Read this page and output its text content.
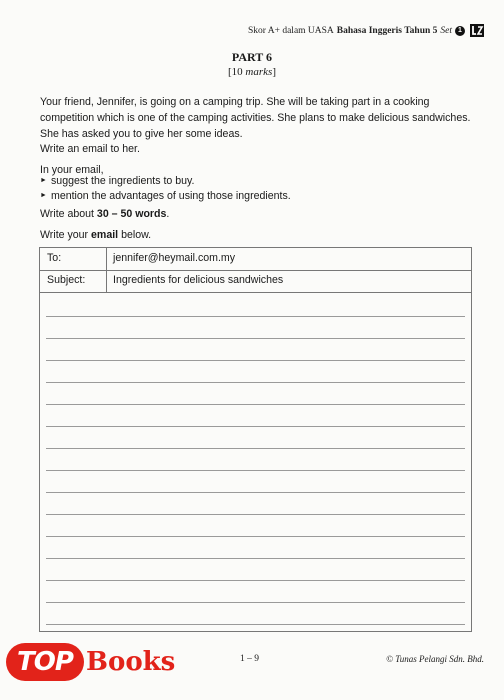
Skor A+ dalam UASA Bahasa Inggeris Tahun 5 Set 1
PART 6
[10 marks]
Your friend, Jennifer, is going on a camping trip. She will be taking part in a cooking competition which is one of the camping activities. She plans to make delicious sandwiches. She has asked you to give her some ideas.
Write an email to her.
In your email,
► suggest the ingredients to buy.
► mention the advantages of using those ingredients.
Write about 30 – 50 words.
Write your email below.
To:	jennifer@heymail.com.my
Subject:	Ingredients for delicious sandwiches
1 – 9	© Tunas Pelangi Sdn. Bhd.
TOP Books
